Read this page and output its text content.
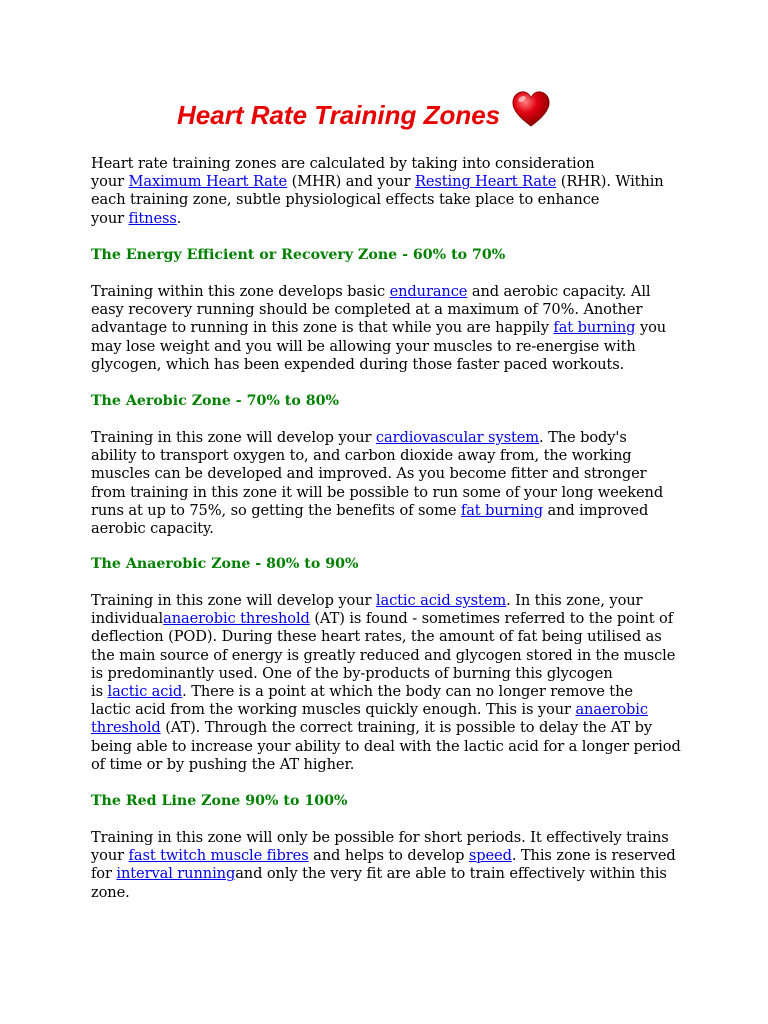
Heart Rate Training Zones
Heart rate training zones are calculated by taking into consideration
your Maximum Heart Rate (MHR) and your Resting Heart Rate (RHR). Within
each training zone, subtle physiological effects take place to enhance
your fitness.
The Energy Efficient or Recovery Zone - 60% to 70%
Training within this zone develops basic endurance and aerobic capacity. All
easy recovery running should be completed at a maximum of 70%. Another
advantage to running in this zone is that while you are happily fat burning you
may lose weight and you will be allowing your muscles to re-energise with
glycogen, which has been expended during those faster paced workouts.
The Aerobic Zone - 70% to 80%
Training in this zone will develop your cardiovascular system. The body's
ability to transport oxygen to, and carbon dioxide away from, the working
muscles can be developed and improved. As you become fitter and stronger
from training in this zone it will be possible to run some of your long weekend
runs at up to 75%, so getting the benefits of some fat burning and improved
aerobic capacity.
The Anaerobic Zone - 80% to 90%
Training in this zone will develop your lactic acid system. In this zone, your
individualanaerobic threshold (AT) is found - sometimes referred to the point of
deflection (POD). During these heart rates, the amount of fat being utilised as
the main source of energy is greatly reduced and glycogen stored in the muscle
is predominantly used. One of the by-products of burning this glycogen
is lactic acid. There is a point at which the body can no longer remove the
lactic acid from the working muscles quickly enough. This is your anaerobic
threshold (AT). Through the correct training, it is possible to delay the AT by
being able to increase your ability to deal with the lactic acid for a longer period
of time or by pushing the AT higher.
The Red Line Zone 90% to 100%
Training in this zone will only be possible for short periods. It effectively trains
your fast twitch muscle fibres and helps to develop speed. This zone is reserved
for interval runningand only the very fit are able to train effectively within this
zone.
